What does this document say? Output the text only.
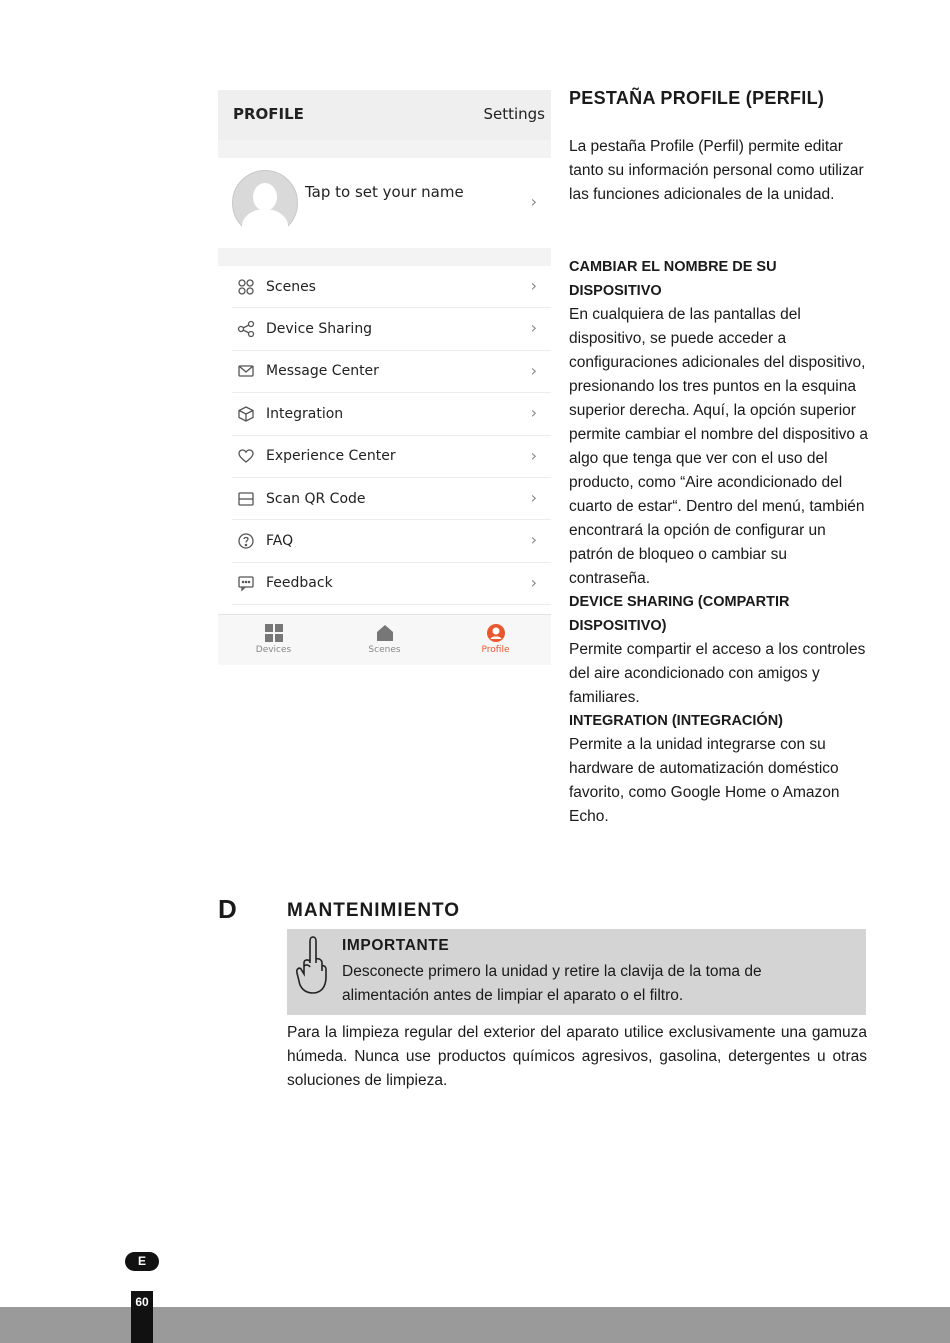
PROFILE	Settings
Tap to set your name	›
Scenes	›
Device Sharing	›
Message Center	›
Integration	›
Experience Center	›
Scan QR Code	›
FAQ	›
Feedback	›
Devices	Scenes	Profile

PESTAÑA PROFILE (PERFIL)

La pestaña Profile (Perfil) permite editar tanto su información personal como utilizar las funciones adicionales de la unidad.

CAMBIAR EL NOMBRE DE SU DISPOSITIVO

En cualquiera de las pantallas del dispositivo, se puede acceder a configuraciones adicionales del dispositivo, presionando los tres puntos en la esquina superior derecha. Aquí, la opción superior permite cambiar el nombre del dispositivo a algo que tenga que ver con el uso del producto, como “Aire acondicionado del cuarto de estar“. Dentro del menú, también encontrará la opción de configurar un patrón de bloqueo o cambiar su contraseña.

DEVICE SHARING (COMPARTIR DISPOSITIVO)

Permite compartir el acceso a los controles del aire acondicionado con amigos y familiares.

INTEGRATION (INTEGRACIÓN)

Permite a la unidad integrarse con su hardware de automatización doméstico favorito, como Google Home o Amazon Echo.

D	MANTENIMIENTO
IMPORTANTE

Desconecte primero la unidad y retire la clavija de la toma de alimentación antes de limpiar el aparato o el filtro.

Para la limpieza regular del exterior del aparato utilice exclusivamente una gamuza húmeda. Nunca use productos químicos agresivos, gasolina, detergentes u otras soluciones de limpieza.

E
60
